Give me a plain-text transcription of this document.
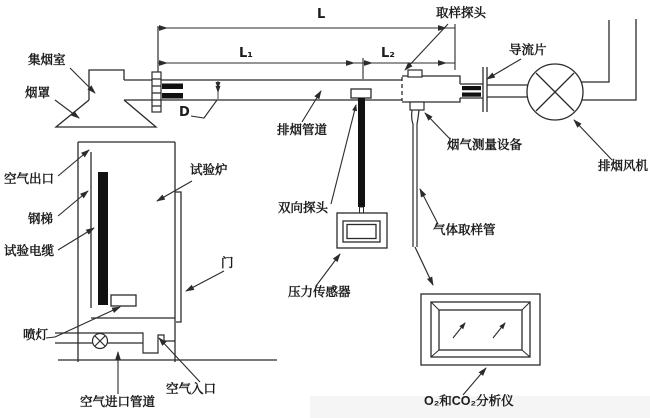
集烟室
烟罩
空气出口
钢梯
试验电缆
喷灯
空气进口管道
空气入口
试验炉
门
排烟管道
双向探头
压力传感器
取样探头
导流片
烟气测量设备
排烟风机
气体取样管
O₂和CO₂分析仪
L
L₁	L₂
D
